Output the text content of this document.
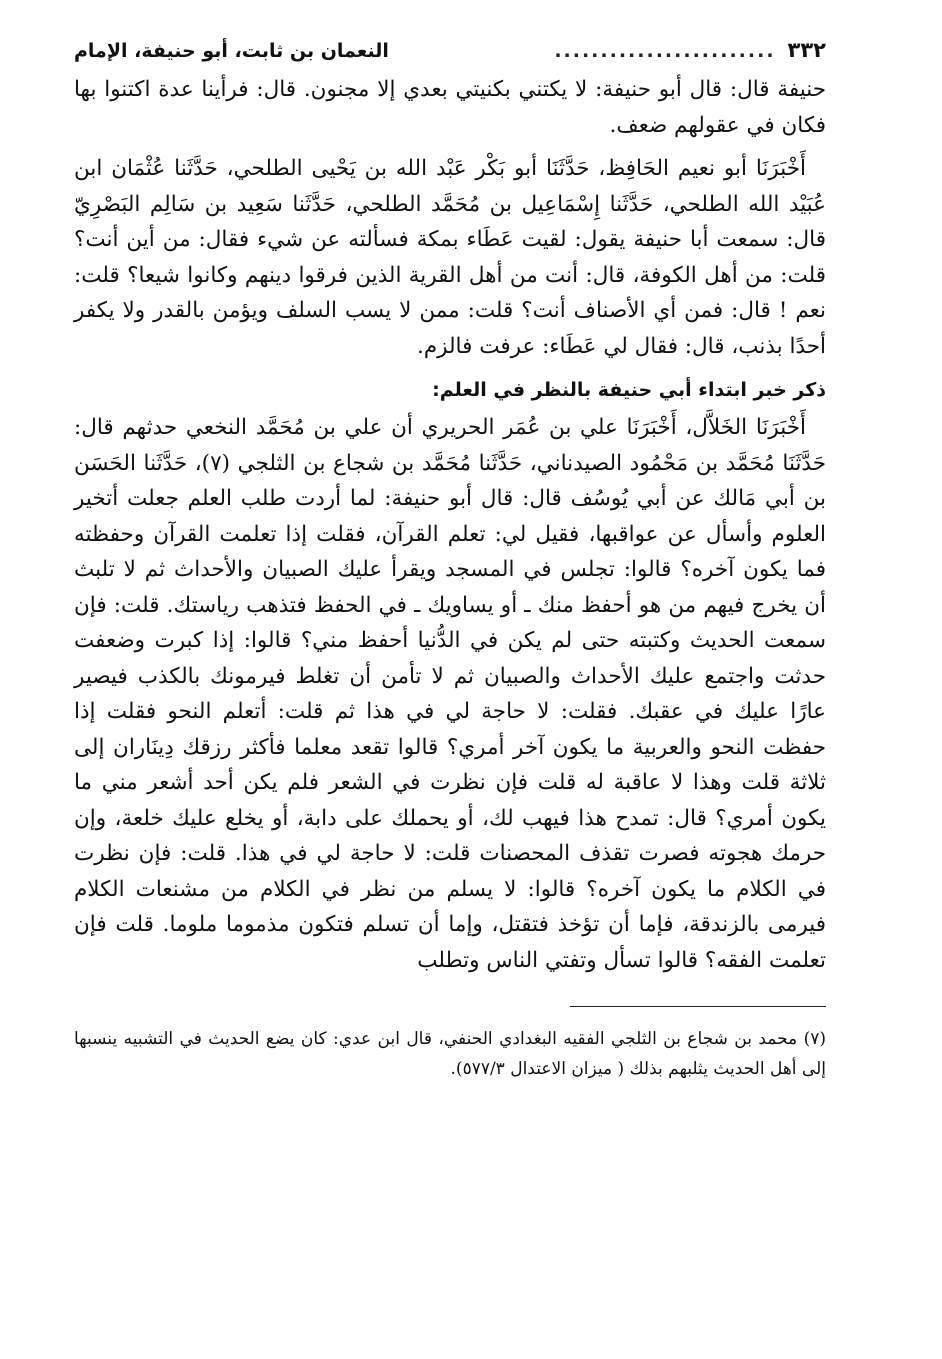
٣٣٢
........................
النعمان بن ثابت، أبو حنيفة، الإمام

حنيفة قال: قال أبو حنيفة: لا يكتني بكنيتي بعدي إلا مجنون. قال: فرأينا عدة اكتنوا بها فكان في عقولهم ضعف.

أَخْبَرَنَا أبو نعيم الحَافِظ، حَدَّثَنَا أبو بَكْر عَبْد الله بن يَحْيى الطلحي، حَدَّثَنا عُثْمَان ابن عُبَيْد الله الطلحي، حَدَّثَنا إِسْمَاعِيل بن مُحَمَّد الطلحي، حَدَّثَنا سَعِيد بن سَالِم البَصْرِيّ قال: سمعت أبا حنيفة يقول: لقيت عَطَاء بمكة فسألته عن شيء فقال: من أين أنت؟ قلت: من أهل الكوفة، قال: أنت من أهل القرية الذين فرقوا دينهم وكانوا شيعا؟ قلت: نعم ! قال: فمن أي الأصناف أنت؟ قلت: ممن لا يسب السلف ويؤمن بالقدر ولا يكفر أحدًا بذنب، قال: فقال لي عَطَاء: عرفت فالزم.

ذكر خبر ابتداء أبي حنيفة بالنظر في العلم:

أَخْبَرَنَا الخَلاَّل، أَخْبَرَنَا علي بن عُمَر الحريري أن علي بن مُحَمَّد النخعي حدثهم قال: حَدَّثَنَا مُحَمَّد بن مَحْمُود الصيدناني، حَدَّثَنا مُحَمَّد بن شجاع بن الثلجي (٧)، حَدَّثَنا الحَسَن بن أبي مَالك عن أبي يُوسُف قال: قال أبو حنيفة: لما أردت طلب العلم جعلت أتخير العلوم وأسأل عن عواقبها، فقيل لي: تعلم القرآن، فقلت إذا تعلمت القرآن وحفظته فما يكون آخره؟ قالوا: تجلس في المسجد ويقرأ عليك الصبيان والأحداث ثم لا تلبث أن يخرج فيهم من هو أحفظ منك ـ أو يساويك ـ في الحفظ فتذهب رياستك. قلت: فإن سمعت الحديث وكتبته حتى لم يكن في الدُّنيا أحفظ مني؟ قالوا: إذا كبرت وضعفت حدثت واجتمع عليك الأحداث والصبيان ثم لا تأمن أن تغلط فيرمونك بالكذب فيصير عارًا عليك في عقبك. فقلت: لا حاجة لي في هذا ثم قلت: أتعلم النحو فقلت إذا حفظت النحو والعربية ما يكون آخر أمري؟ قالوا تقعد معلما فأكثر رزقك دِينَاران إلى ثلاثة قلت وهذا لا عاقبة له قلت فإن نظرت في الشعر فلم يكن أحد أشعر مني ما يكون أمري؟ قال: تمدح هذا فيهب لك، أو يحملك على دابة، أو يخلع عليك خلعة، وإن حرمك هجوته فصرت تقذف المحصنات قلت: لا حاجة لي في هذا. قلت: فإن نظرت في الكلام ما يكون آخره؟ قالوا: لا يسلم من نظر في الكلام من مشنعات الكلام فيرمى بالزندقة، فإما أن تؤخذ فتقتل، وإما أن تسلم فتكون مذموما ملوما. قلت فإن تعلمت الفقه؟ قالوا تسأل وتفتي الناس وتطلب

(٧) محمد بن شجاع بن الثلجي الفقيه البغدادي الحنفي، قال ابن عدي: كان يضع الحديث في التشبيه ينسبها إلى أهل الحديث يثلبهم بذلك ( ميزان الاعتدال ٥٧٧/٣).
